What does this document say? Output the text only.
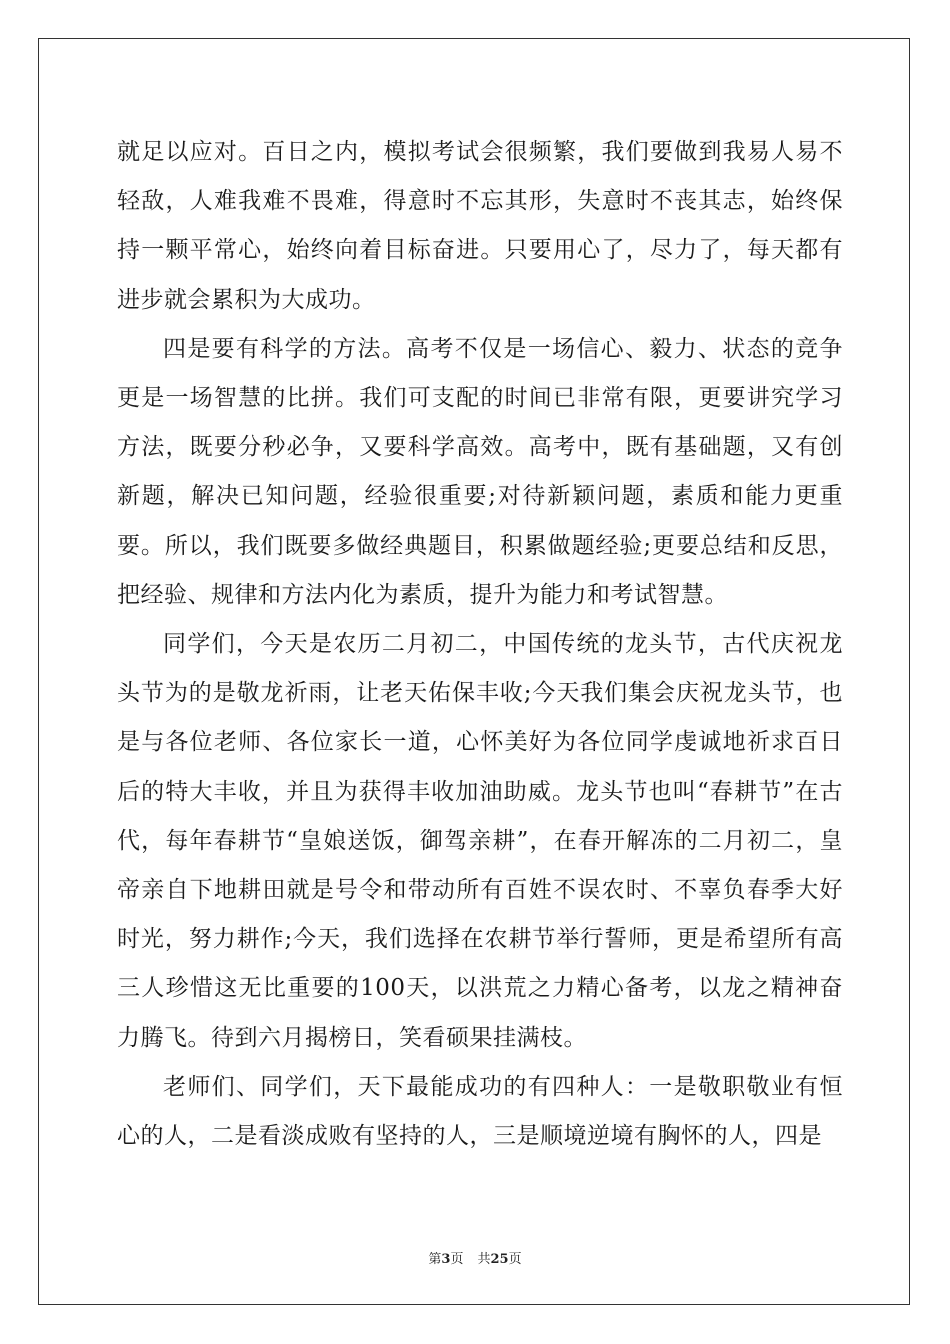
就足以应对。百日之内，模拟考试会很频繁，我们要做到我易人易不轻敌，人难我难不畏难，得意时不忘其形，失意时不丧其志，始终保持一颗平常心，始终向着目标奋进。只要用心了，尽力了，每天都有进步就会累积为大成功。

四是要有科学的方法。高考不仅是一场信心、毅力、状态的竞争更是一场智慧的比拼。我们可支配的时间已非常有限，更要讲究学习方法，既要分秒必争，又要科学高效。高考中，既有基础题，又有创新题，解决已知问题，经验很重要;对待新颖问题，素质和能力更重要。所以，我们既要多做经典题目，积累做题经验;更要总结和反思，把经验、规律和方法内化为素质，提升为能力和考试智慧。

同学们，今天是农历二月初二，中国传统的龙头节，古代庆祝龙头节为的是敬龙祈雨，让老天佑保丰收;今天我们集会庆祝龙头节，也是与各位老师、各位家长一道，心怀美好为各位同学虔诚地祈求百日后的特大丰收，并且为获得丰收加油助威。龙头节也叫“春耕节”在古代，每年春耕节“皇娘送饭，御驾亲耕”，在春开解冻的二月初二，皇帝亲自下地耕田就是号令和带动所有百姓不误农时、不辜负春季大好时光，努力耕作;今天，我们选择在农耕节举行誓师，更是希望所有高三人珍惜这无比重要的100天，以洪荒之力精心备考，以龙之精神奋力腾飞。待到六月揭榜日，笑看硕果挂满枝。

老师们、同学们，天下最能成功的有四种人：一是敬职敬业有恒心的人，二是看淡成败有坚持的人，三是顺境逆境有胸怀的人，四是

第3页 共25页
